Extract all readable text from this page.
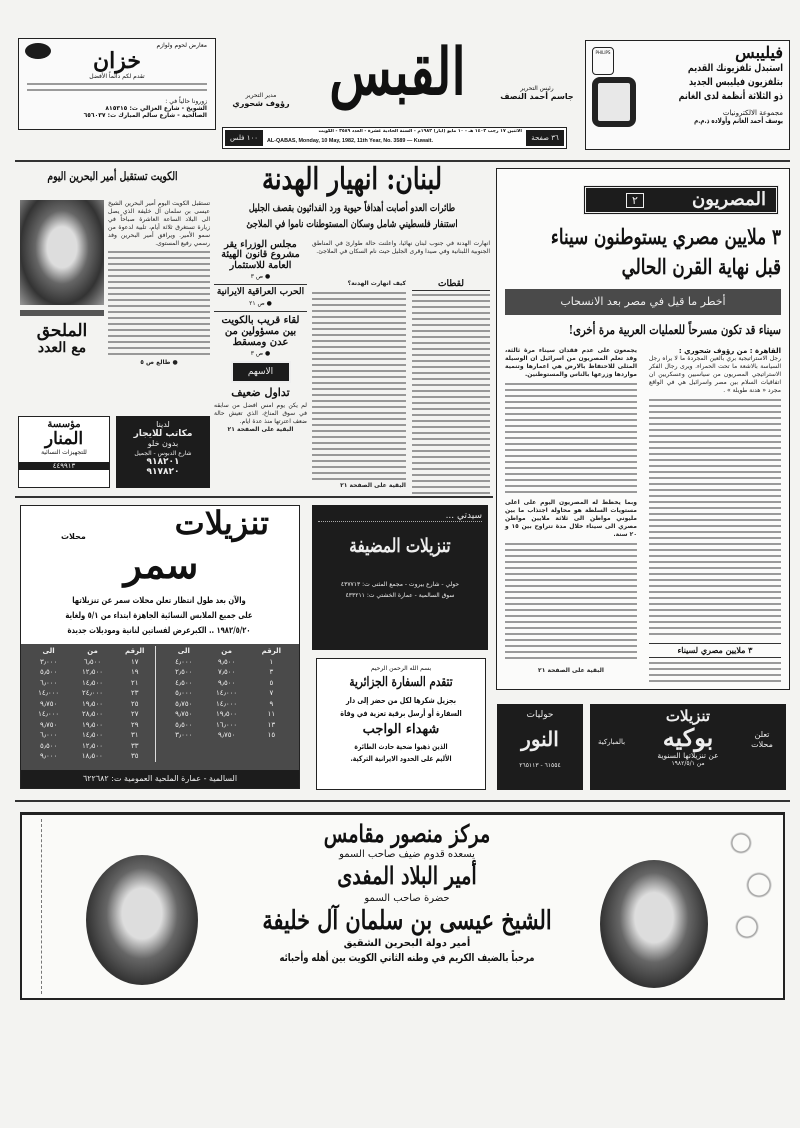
PHILIPS	فيليبس
استبدل تلفزيونك القديم
بتلفزيون فيليبس الجديد
ذو الثلاثة أنظمة لدى الغانم
مجموعة الالكترونيات
يوسف أحمد الغانم وأولاده ذ.م.م
رئيس التحرير
جاسم أحمد النصف
القبس
مدير التحرير
رؤوف شحوري
٣٦ صفحة
الاثنين ١٧ رجب ١٤٠٢ هـ - ١٠ مايو (ايار) ١٩٨٢م - السنة الحادية عشرة - العدد ٣٥٨٩ - الكويت
AL-QABAS, Monday, 10 May, 1982, 11th Year, No. 3589 — Kuwait.
١٠٠ فلس
معارض لحوم ولوازم
خزان
تقدم لكم دائماً الأفضل
زورونا حالياً في :
الشويخ - شارع الغزالي ت: ٨١٥٣١٥
الصالحية - شارع سالم المبارك ت: ٦٥٦٠٣٧
المصريون
٢
٣ ملايين مصري يستوطنون سيناء
قبل نهاية القرن الحالي
أخطر ما قيل في مصر بعد الانسحاب
سيناء قد تكون مسرحاً للعمليات العربية مرة أخرى!
القاهرة : من رؤوف شحوري :
رجل الاستراتيجية بري بالعين المجردة ما لا يراه رجل السياسة بالاشعة ما تحت الحمراء. ويرى رجال الفكر الاستراتيجي المصريون من سياسيين وعسكريين ان اتفاقيات السلام بين مصر واسرائيل هي في الواقع مجرد « هدنة طويلة » .
٣ ملايين مصري لسيناء
يجمعون على عدم فقدان سيناء مرة ثالثة، وقد تعلم المصريون من اسرائيل ان الوسيلة المثلى للاحتفاظ بالارض هي اعمارها وتنمية مواردها وزرعها بالناس والمستوطنين.
وبما يخطط له المصريون اليوم على اعلى مستويات السلطة هو محاولة اجتذاب ما بين مليوني مواطن الى ثلاثة ملايين مواطن مصري الى سيناء خلال مدة تتراوح بين ١٥ و ٢٠ سنة.
البقية على الصفحة ٢١
لبنان: انهيار الهدنة
طائرات العدو أصابت أهدافاً حيوية ورد الفدائيون بقصف الجليل
استنفار فلسطيني شامل وسكان المستوطنات ناموا في الملاجئ
انهارت الهدنة في جنوب لبنان نهائيا، واعلنت حالة طوارئ في المناطق الجنوبية اللبنانية وفي صيدا وقرى الجليل حيث نام السكان في الملاجئ.
لقطات
كيف انهارت الهدنة؟
البقية على الصفحة ٢١
مجلس الوزراء يقر مشروع قانون الهيئة العامة للاستثمار
● ص ٣
الحرب العراقية الايرانية
● ص ٢١
لقاء قريب بالكويت بين مسؤولين من عدن ومسقط
● ص ٣
الاسهم
تداول ضعيف
لم يكن يوم امس افضل من سابقه في سوق المناخ، الذي تعيش حالة ضعف اعترتها منذ عدة ايام.
البقية على الصفحة ٢١
الكويت تستقبل أمير البحرين اليوم
تستقبل الكويت اليوم أمير البحرين الشيخ عيسى بن سلمان آل خليفة الذي يصل الى البلاد الساعة العاشرة صباحاً في زيارة تستغرق ثلاثة أيام، تلبية لدعوة من سمو الأمير. ويرافق أمير البحرين وفد رسمي رفيع المستوى.
● طالع ص ٥
الملحق
مع العدد
مؤسسة
المنار
للتجهيزات النسائية
٤٤٩٩١٣
لدينا
مكاتب للايجار
بدون خلو
شارع الدبوس - الجميل
٩١٨٢٠١
٩١٧٨٢٠
تنزيلات
محلات
سمر
والآن بعد طول انتظار تعلن محلات سمر عن تنزيلاتها
على جميع الملابس النسائية الجاهزة ابتداء من ٥/١ ولغاية
١٩٨٢/٥/٢٠ .. الكبرعرض لفساتين لنانية وموديلات جديدة
الرقم	من	الى
١	٩٫٥٠٠	٤٫٠٠٠
٣	٧٫٥٠٠	٢٫٥٠٠
٥	٩٫٥٠٠	٤٫٥٠٠
٧	١٤٫٠٠٠	٥٫٠٠٠
٩	١٤٫٠٠٠	٥٫٧٥٠
١١	١٩٫٥٠٠	٩٫٧٥٠
١٣	١٦٫٠٠٠	٥٫٥٠٠
١٥	٩٫٧٥٠	٣٫٠٠٠
الرقم	من	الى
١٧	٦٫٥٠٠	٣٫٠٠٠
١٩	١٢٫٥٠٠	٥٫٥٠٠
٢١	١٤٫٥٠٠	٦٫٠٠٠
٢٣	٢٤٫٠٠٠	١٤٫٠٠٠
٢٥	١٩٫٥٠٠	٩٫٧٥٠
٢٧	٢٨٫٥٠٠	١٤٫٠٠٠
٢٩	١٩٫٥٠٠	٩٫٧٥٠
٣١	١٤٫٥٠٠	٦٫٠٠٠
٣٣	١٢٫٥٠٠	٥٫٥٠٠
٣٥	١٨٫٥٠٠	٩٫٠٠٠
السالمية - عمارة الملحية العمومية ت: ٦٢٢٦٨٢
سيدتي ...
تنزيلات المضيفة
حولي - شارع بيروت - مجمع المثنى ت: ٤٣٧٧١٣
سوق السالمية - عمارة الخشتي ت: ٤٣٣٢١١
بسم الله الرحمن الرحيم
تتقدم السفارة الجزائرية
بجزيل شكرها لكل من حضر إلى دار
السفارة أو أرسل برقية تعزية في وفاة
شهداء الواجب
الذين ذهبوا ضحية حادث الطائرة
الأليم على الحدود الايرانية التركية.
حوليات
النور
٦١٥٥٤ - ٢٦٥١١٣
تنزيلات
تعلن محلات
بوكيه
بالمباركية
عن تنزيلاتها السنوية
من ١٩٨٢/٥/١
مركز منصور مقامس
يسعده قدوم ضيف صاحب السمو
أمير البلاد المفدى
حضرة صاحب السمو
الشيخ عيسى بن سلمان آل خليفة
أمير دولة البحرين الشقيق
مرحباً بالضيف الكريم في وطنه الثاني الكويت بين أهله وأحبائه
